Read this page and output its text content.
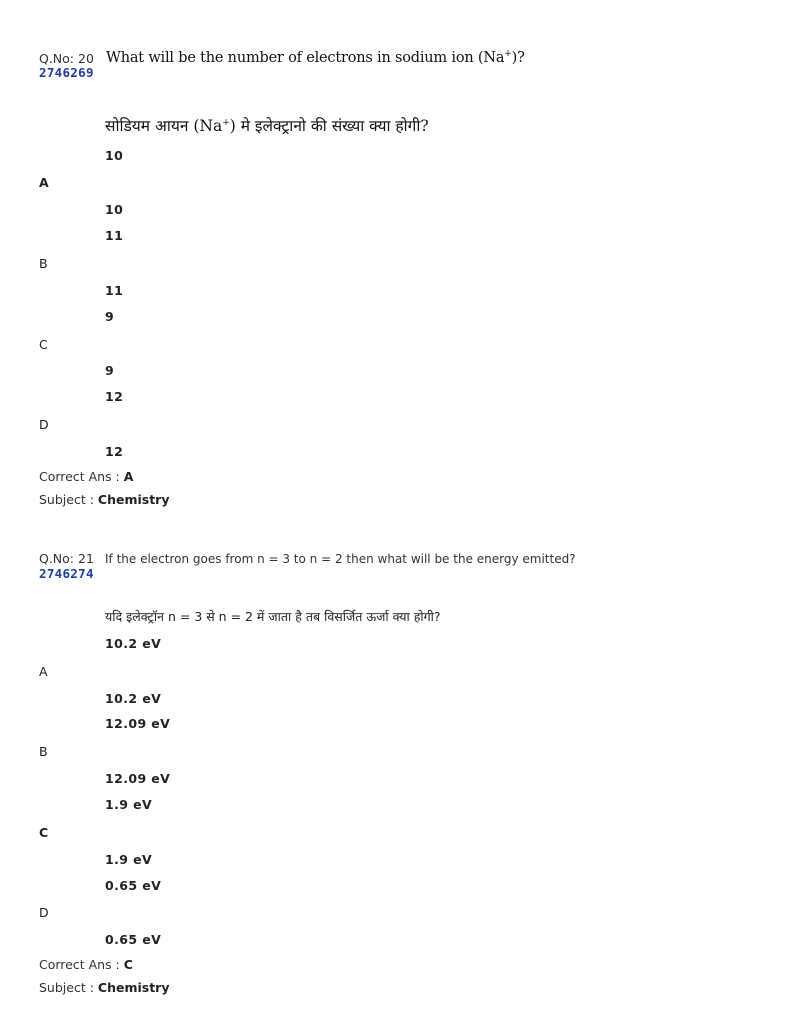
Q.No: 20
2746269
What will be the number of electrons in sodium ion (Na+)?
सोडियम आयन (Na+) मे इलेक्ट्रानो की संख्या क्या होगी?
10
A
10
11
B
11
9
C
9
12
D
12
Correct Ans : A
Subject : Chemistry
Q.No: 21
2746274
If the electron goes from n = 3 to n = 2 then what will be the energy emitted?
यदि इलेक्ट्रॉन n = 3 से n = 2 में जाता है तब विसर्जित ऊर्जा क्या होगी?
10.2 eV
A
10.2 eV
12.09 eV
B
12.09 eV
1.9 eV
C
1.9 eV
0.65 eV
D
0.65 eV
Correct Ans : C
Subject : Chemistry
